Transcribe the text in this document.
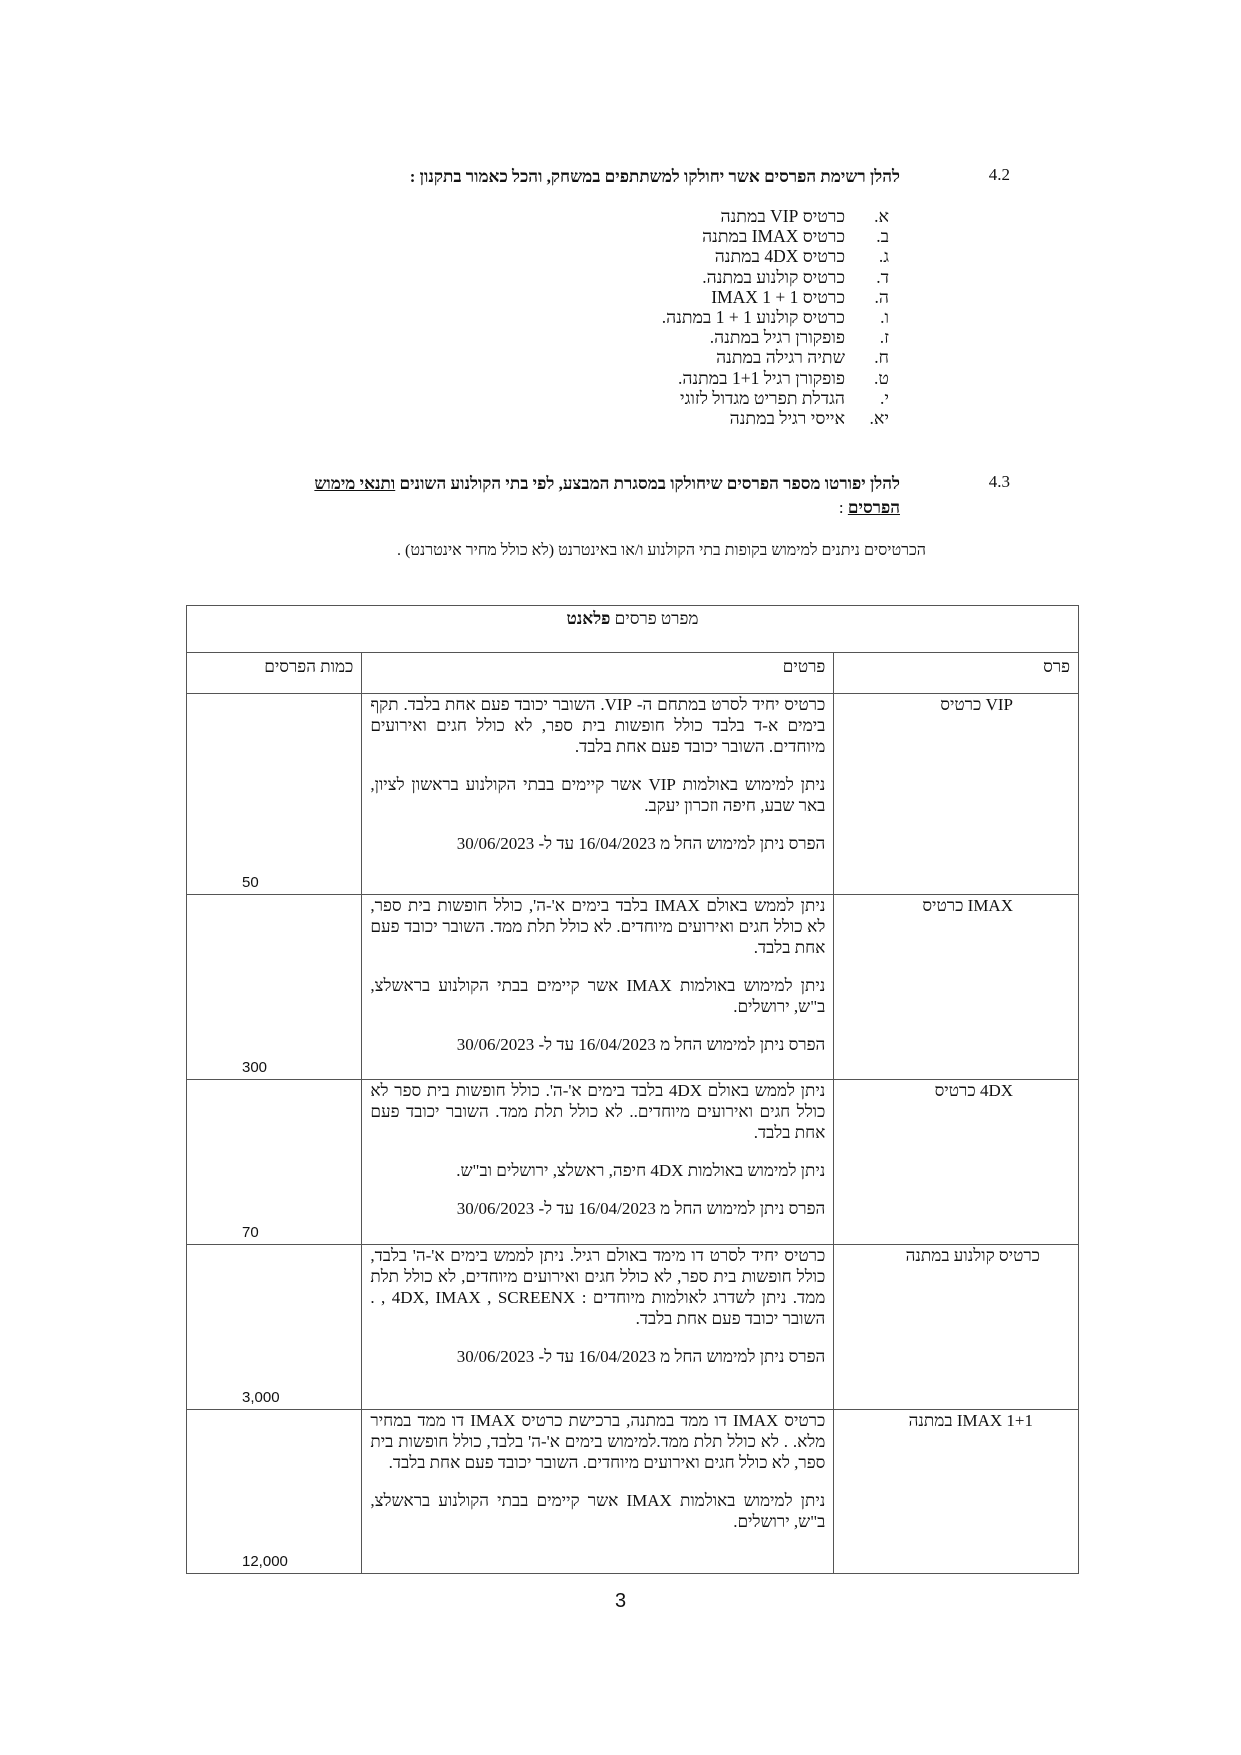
4.2
להלן רשימת הפרסים אשר יחולקו למשתתפים במשחק, והכל כאמור בתקנון :
א.
כרטיס VIP במתנה
ב.
כרטיס IMAX במתנה
ג.
כרטיס 4DX במתנה
ד.
כרטיס קולנוע במתנה.
ה.
כרטיס 1 + IMAX 1
ו.
כרטיס קולנוע 1 + 1 במתנה.
ז.
פופקורן רגיל במתנה.
ח.
שתיה רגילה במתנה
ט.
פופקורן רגיל 1+1 במתנה.
י.
הגדלת תפריט מגדול לזוגי
יא.
אייסי רגיל במתנה
4.3
להלן יפורטו מספר הפרסים שיחולקו במסגרת המבצע, לפי בתי הקולנוע השונים ותנאי מימוש
הפרסים :
הכרטיסים ניתנים למימוש בקופות בתי הקולנוע ו/או באינטרנט (לא כולל מחיר אינטרנט) .
מפרט פרסים פלאנט		
פרס	פרטים	כמות הפרסים
VIP כרטיס	כרטיס יחיד לסרט במתחם ה- VIP. השובר יכובד פעם אחת בלבד. תקף בימים א-ד בלבד כולל חופשות בית ספר, לא כולל חגים ואירועים מיוחדים. השובר יכובד פעם אחת בלבד.

ניתן למימוש באולמות VIP אשר קיימים בבתי הקולנוע בראשון לציון, באר שבע, חיפה וזכרון יעקב.

הפרס ניתן למימוש החל מ 16/04/2023 עד ל- 30/06/2023	50
IMAX כרטיס	ניתן לממש באולם IMAX בלבד בימים א'-ה', כולל חופשות בית ספר, לא כולל חגים ואירועים מיוחדים. לא כולל תלת ממד. השובר יכובד פעם אחת בלבד.

ניתן למימוש באולמות IMAX אשר קיימים בבתי הקולנוע בראשלצ, ב"ש, ירושלים.

הפרס ניתן למימוש החל מ 16/04/2023 עד ל- 30/06/2023	300
4DX כרטיס	ניתן לממש באולם 4DX בלבד בימים א'-ה'. כולל חופשות בית ספר לא כולל חגים ואירועים מיוחדים.. לא כולל תלת ממד. השובר יכובד פעם אחת בלבד.

ניתן למימוש באולמות 4DX חיפה, ראשלצ, ירושלים וב"ש.

הפרס ניתן למימוש החל מ 16/04/2023 עד ל- 30/06/2023	70
כרטיס קולנוע במתנה	כרטיס יחיד לסרט דו מימד באולם רגיל. ניתן לממש בימים א'-ה' בלבד, כולל חופשות בית ספר, לא כולל חגים ואירועים מיוחדים, לא כולל תלת ממד. ניתן לשדרג לאולמות מיוחדים : 4DX, IMAX , SCREENX , . השובר יכובד פעם אחת בלבד.

הפרס ניתן למימוש החל מ 16/04/2023 עד ל- 30/06/2023	3,000
1+1 IMAX במתנה	כרטיס IMAX דו ממד במתנה, ברכישת כרטיס IMAX דו ממד במחיר מלא. . לא כולל תלת ממד.למימוש בימים א'-ה' בלבד, כולל חופשות בית ספר, לא כולל חגים ואירועים מיוחדים. השובר יכובד פעם אחת בלבד.

ניתן למימוש באולמות IMAX אשר קיימים בבתי הקולנוע בראשלצ, ב"ש, ירושלים.	12,000
3
